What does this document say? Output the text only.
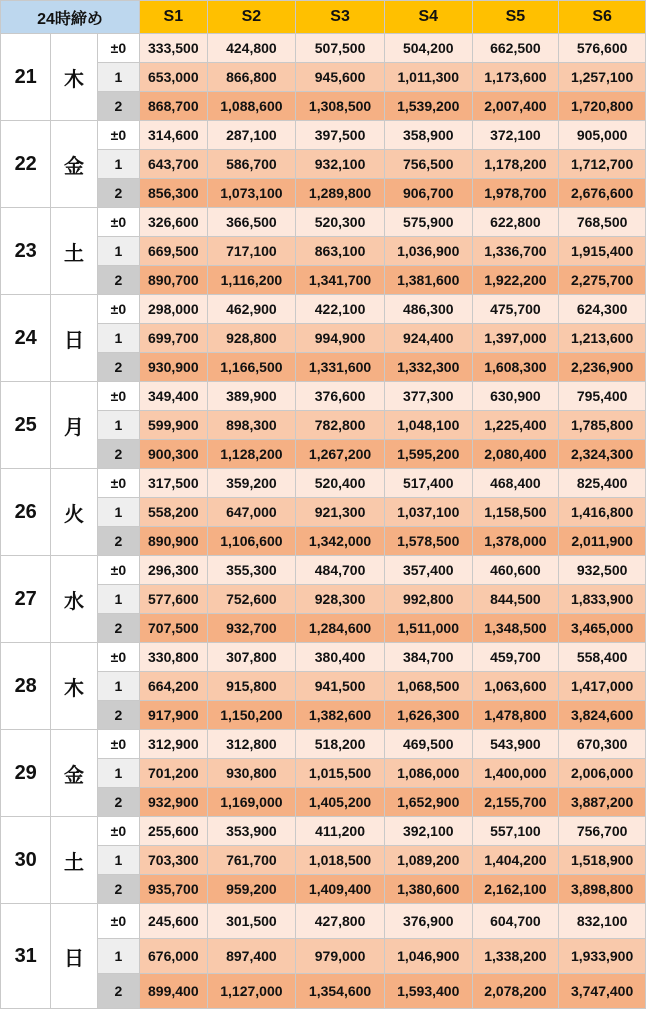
24時締め			S1	S2	S3	S4	S5	S6
21	木	±0	333,500	424,800	507,500	504,200	662,500	576,600
		1	653,000	866,800	945,600	1,011,300	1,173,600	1,257,100
		2	868,700	1,088,600	1,308,500	1,539,200	2,007,400	1,720,800
22	金	±0	314,600	287,100	397,500	358,900	372,100	905,000
		1	643,700	586,700	932,100	756,500	1,178,200	1,712,700
		2	856,300	1,073,100	1,289,800	906,700	1,978,700	2,676,600
23	土	±0	326,600	366,500	520,300	575,900	622,800	768,500
		1	669,500	717,100	863,100	1,036,900	1,336,700	1,915,400
		2	890,700	1,116,200	1,341,700	1,381,600	1,922,200	2,275,700
24	日	±0	298,000	462,900	422,100	486,300	475,700	624,300
		1	699,700	928,800	994,900	924,400	1,397,000	1,213,600
		2	930,900	1,166,500	1,331,600	1,332,300	1,608,300	2,236,900
25	月	±0	349,400	389,900	376,600	377,300	630,900	795,400
		1	599,900	898,300	782,800	1,048,100	1,225,400	1,785,800
		2	900,300	1,128,200	1,267,200	1,595,200	2,080,400	2,324,300
26	火	±0	317,500	359,200	520,400	517,400	468,400	825,400
		1	558,200	647,000	921,300	1,037,100	1,158,500	1,416,800
		2	890,900	1,106,600	1,342,000	1,578,500	1,378,000	2,011,900
27	水	±0	296,300	355,300	484,700	357,400	460,600	932,500
		1	577,600	752,600	928,300	992,800	844,500	1,833,900
		2	707,500	932,700	1,284,600	1,511,000	1,348,500	3,465,000
28	木	±0	330,800	307,800	380,400	384,700	459,700	558,400
		1	664,200	915,800	941,500	1,068,500	1,063,600	1,417,000
		2	917,900	1,150,200	1,382,600	1,626,300	1,478,800	3,824,600
29	金	±0	312,900	312,800	518,200	469,500	543,900	670,300
		1	701,200	930,800	1,015,500	1,086,000	1,400,000	2,006,000
		2	932,900	1,169,000	1,405,200	1,652,900	2,155,700	3,887,200
30	土	±0	255,600	353,900	411,200	392,100	557,100	756,700
		1	703,300	761,700	1,018,500	1,089,200	1,404,200	1,518,900
		2	935,700	959,200	1,409,400	1,380,600	2,162,100	3,898,800
31	日	±0	245,600	301,500	427,800	376,900	604,700	832,100
		1	676,000	897,400	979,000	1,046,900	1,338,200	1,933,900
		2	899,400	1,127,000	1,354,600	1,593,400	2,078,200	3,747,400
